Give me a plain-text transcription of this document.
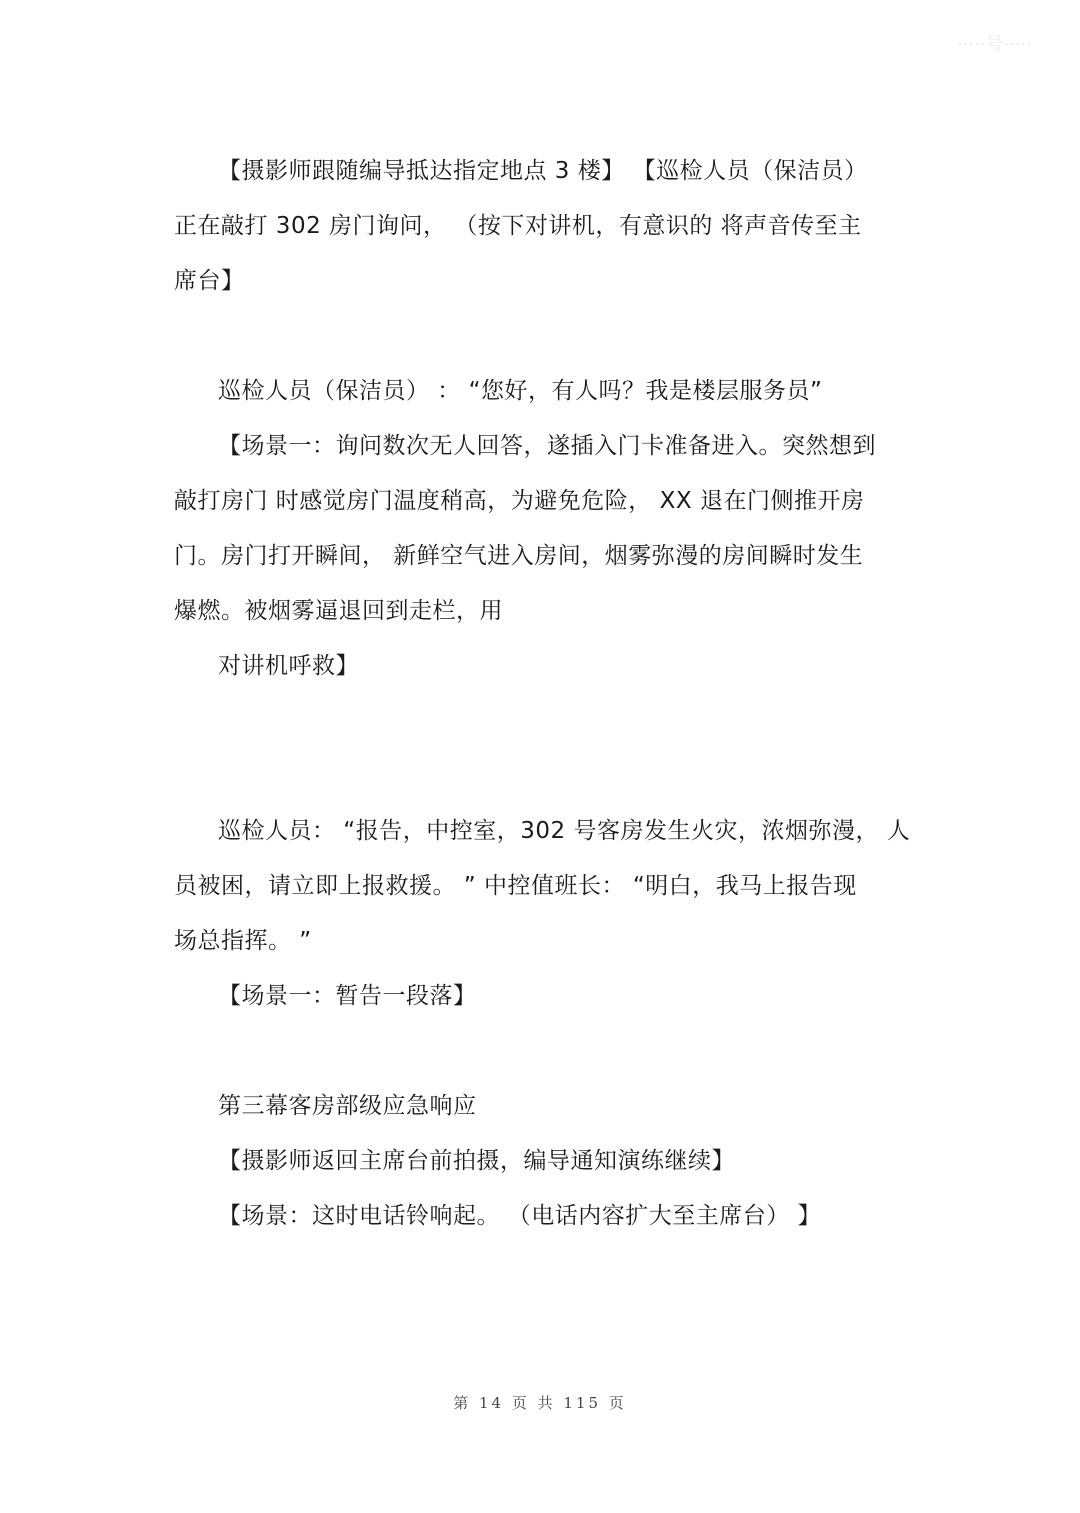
·····号·····
【摄影师跟随编导抵达指定地点 3 楼】 【巡检人员（保洁员）
正在敲打 302 房门询问， （按下对讲机，有意识的 将声音传至主
席台】
巡检人员（保洁员） ： “您好，有人吗？我是楼层服务员”
【场景一：询问数次无人回答，遂插入门卡准备进入。突然想到
敲打房门 时感觉房门温度稍高，为避免危险， XX 退在门侧推开房
门。房门打开瞬间， 新鲜空气进入房间，烟雾弥漫的房间瞬时发生
爆燃。被烟雾逼退回到走栏，用
对讲机呼救】
巡检人员： “报告，中控室，302 号客房发生火灾，浓烟弥漫， 人
员被困，请立即上报救援。 ” 中控值班长： “明白，我马上报告现
场总指挥。 ”
【场景一：暂告一段落】
第三幕客房部级应急响应
【摄影师返回主席台前拍摄，编导通知演练继续】
【场景：这时电话铃响起。 （电话内容扩大至主席台） 】
第 14 页 共 115 页
